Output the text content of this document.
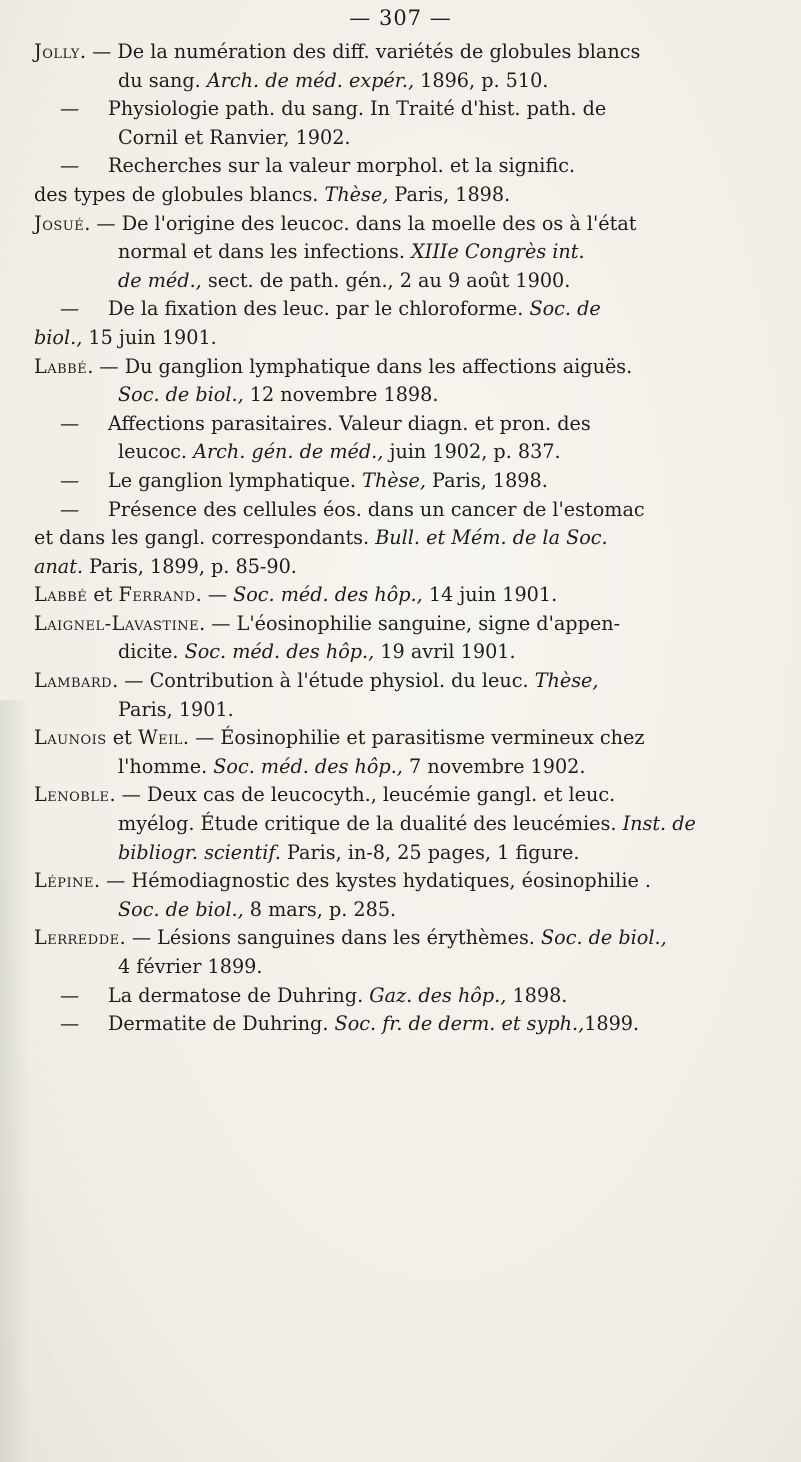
— 307 —
Jolly. — De la numération des diff. variétés de globules blancs
du sang. Arch. de méd. expér., 1896, p. 510.
— Physiologie path. du sang. In Traité d'hist. path. de
Cornil et Ranvier, 1902.
— Recherches sur la valeur morphol. et la signific.
des types de globules blancs. Thèse, Paris, 1898.
Josué. — De l'origine des leucoc. dans la moelle des os à l'état
normal et dans les infections. XIIIe Congrès int.
de méd., sect. de path. gén., 2 au 9 août 1900.
— De la fixation des leuc. par le chloroforme. Soc. de
biol., 15 juin 1901.
Labbé. — Du ganglion lymphatique dans les affections aiguës.
Soc. de biol., 12 novembre 1898.
— Affections parasitaires. Valeur diagn. et pron. des
leucoc. Arch. gén. de méd., juin 1902, p. 837.
— Le ganglion lymphatique. Thèse, Paris, 1898.
— Présence des cellules éos. dans un cancer de l'estomac
et dans les gangl. correspondants. Bull. et Mém. de la Soc.
anat. Paris, 1899, p. 85-90.
Labbé et Ferrand. — Soc. méd. des hôp., 14 juin 1901.
Laignel-Lavastine. — L'éosinophilie sanguine, signe d'appen-
dicite. Soc. méd. des hôp., 19 avril 1901.
Lambard. — Contribution à l'étude physiol. du leuc. Thèse,
Paris, 1901.
Launois et Weil. — Éosinophilie et parasitisme vermineux chez
l'homme. Soc. méd. des hôp., 7 novembre 1902.
Lenoble. — Deux cas de leucocyth., leucémie gangl. et leuc.
myélog. Étude critique de la dualité des leucémies. Inst. de
bibliogr. scientif. Paris, in-8, 25 pages, 1 figure.
Lépine. — Hémodiagnostic des kystes hydatiques, éosinophilie .
Soc. de biol., 8 mars, p. 285.
Lerredde. — Lésions sanguines dans les érythèmes. Soc. de biol.,
4 février 1899.
— La dermatose de Duhring. Gaz. des hôp., 1898.
— Dermatite de Duhring. Soc. fr. de derm. et syph.,1899.
